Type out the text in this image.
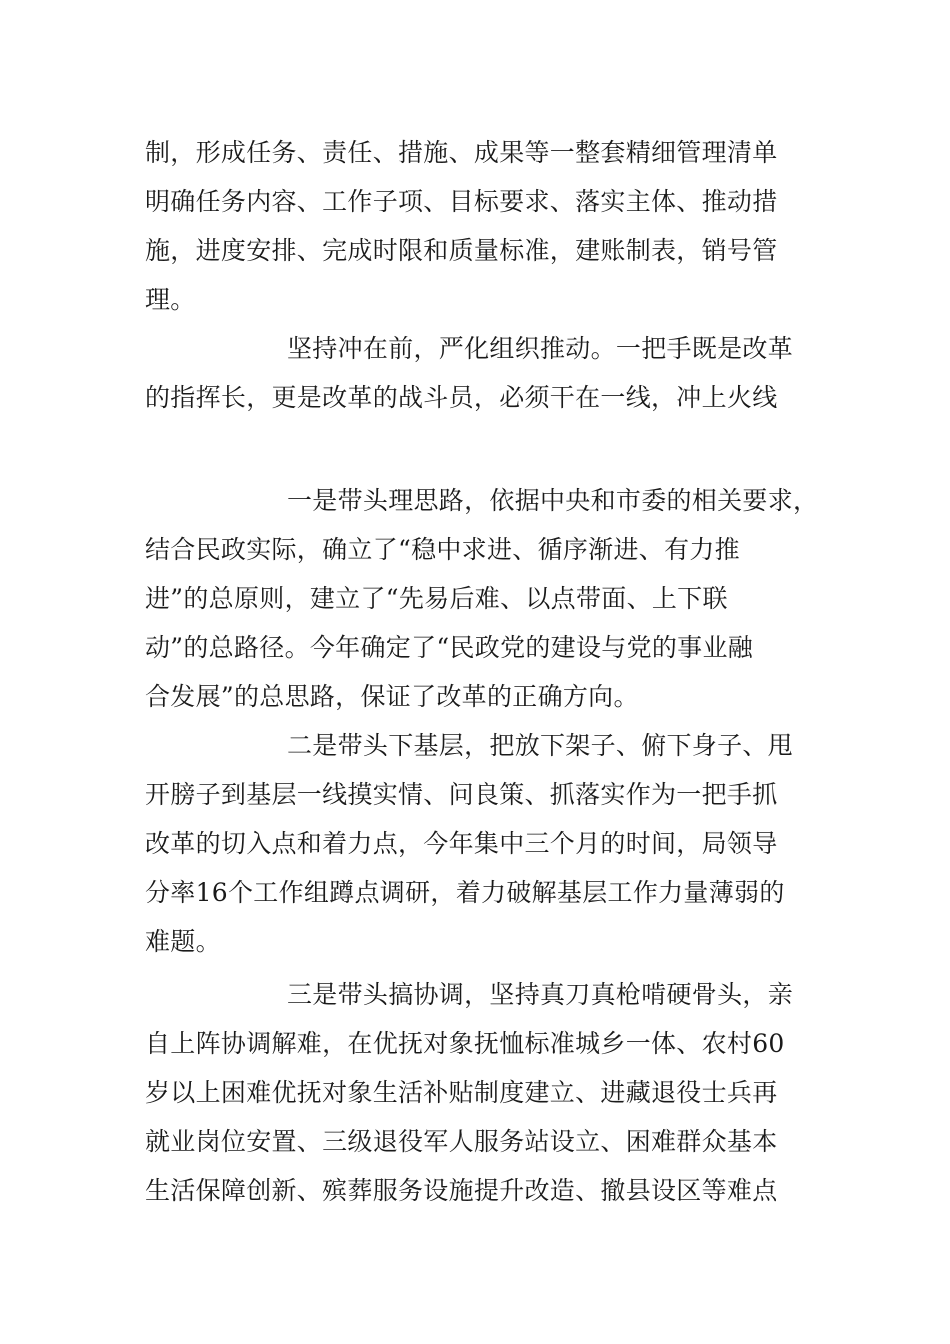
制，形成任务、责任、措施、成果等一整套精细管理清单
明确任务内容、工作子项、目标要求、落实主体、推动措
施，进度安排、完成时限和质量标准，建账制表，销号管
理。
坚持冲在前，严化组织推动。一把手既是改革
的指挥长，更是改革的战斗员，必须干在一线，冲上火线
一是带头理思路，依据中央和市委的相关要求，
结合民政实际，确立了“稳中求进、循序渐进、有力推
进”的总原则，建立了“先易后难、以点带面、上下联
动”的总路径。今年确定了“民政党的建设与党的事业融
合发展”的总思路，保证了改革的正确方向。
二是带头下基层，把放下架子、俯下身子、甩
开膀子到基层一线摸实情、问良策、抓落实作为一把手抓
改革的切入点和着力点，今年集中三个月的时间，局领导
分率16个工作组蹲点调研，着力破解基层工作力量薄弱的
难题。
三是带头搞协调，坚持真刀真枪啃硬骨头，亲
自上阵协调解难，在优抚对象抚恤标准城乡一体、农村60
岁以上困难优抚对象生活补贴制度建立、进藏退役士兵再
就业岗位安置、三级退役军人服务站设立、困难群众基本
生活保障创新、殡葬服务设施提升改造、撤县设区等难点
